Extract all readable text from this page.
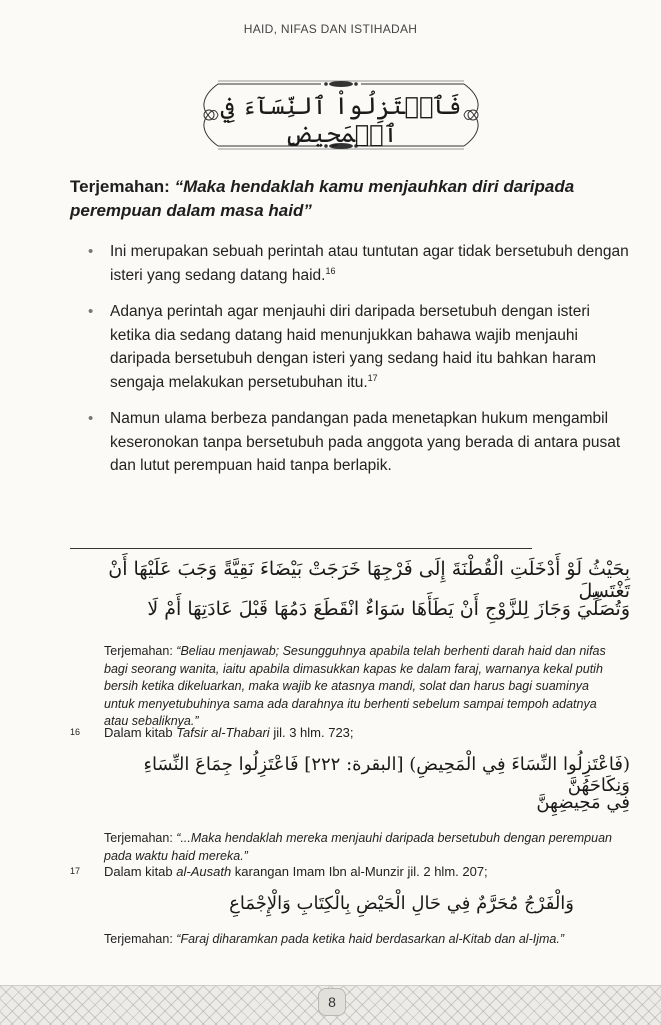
HAID, NIFAS DAN ISTIHADAH
فَٱعۡتَزِلُواْ ٱلنِّسَآءَ فِي ٱلۡمَحِيضِ
Terjemahan: “Maka hendaklah kamu menjauhkan diri daripada perempuan dalam masa haid”
• Ini merupakan sebuah perintah atau tuntutan agar tidak bersetubuh dengan isteri yang sedang datang haid.$^{16}$
• Adanya perintah agar menjauhi diri daripada bersetubuh dengan isteri ketika dia sedang datang haid menunjukkan bahawa wajib menjauhi daripada bersetubuh dengan isteri yang sedang haid itu bahkan haram sengaja melakukan persetubuhan itu.$^{17}$
• Namun ulama berbeza pandangan pada menetapkan hukum mengambil keseronokan tanpa bersetubuh pada anggota yang berada di antara pusat dan lutut perempuan haid tanpa berlapik.
بِحَيْثُ لَوْ أَدْخَلَتِ الْقُطْنَةَ إِلَى فَرْجِهَا خَرَجَتْ بَيْضَاءَ نَقِيَّةً وَجَبَ عَلَيْهَا أَنْ تَغْتَسِلَ
وَتُصَلِّيَ وَجَازَ لِلزَّوْجِ أَنْ يَطَأَهَا سَوَاءٌ انْقَطَعَ دَمُهَا قَبْلَ عَادَتِهَا أَمْ لَا
Terjemahan: “Beliau menjawab; Sesungguhnya apabila telah berhenti darah haid dan nifas bagi seorang wanita, iaitu apabila dimasukkan kapas ke dalam faraj, warnanya kekal putih bersih ketika dikeluarkan, maka wajib ke atasnya mandi, solat dan harus bagi suaminya untuk menyetubuhinya sama ada darahnya itu berhenti sebelum sampai tempoh adatnya atau sebaliknya.”
16 Dalam kitab Tafsir al-Thabari jil. 3 hlm. 723;
(فَاعْتَزِلُوا النِّسَاءَ فِي الْمَحِيضِ) [البقرة: ٢٢٢] فَاعْتَزِلُوا جِمَاعَ النِّسَاءِ وَنِكَاحَهُنَّ
فِي مَحِيضِهِنَّ
Terjemahan: “...Maka hendaklah mereka menjauhi daripada bersetubuh dengan perempuan pada waktu haid mereka.”
17 Dalam kitab al-Ausath karangan Imam Ibn al-Munzir jil. 2 hlm. 207;
وَالْفَرْجُ مُحَرَّمٌ فِي حَالِ الْحَيْضِ بِالْكِتَابِ وَالْإِجْمَاعِ
Terjemahan: “Faraj diharamkan pada ketika haid berdasarkan al-Kitab dan al-Ijma.”
8
